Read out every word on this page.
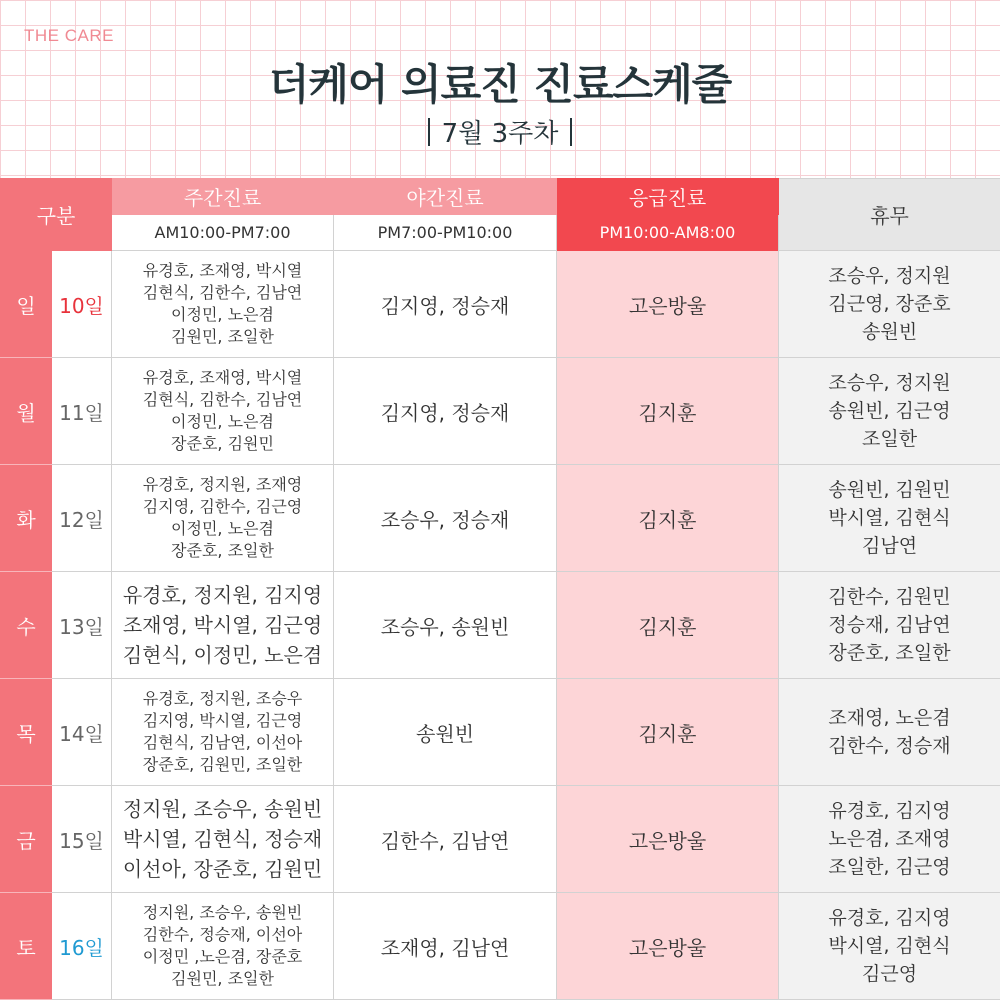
THE CARE
더케어 의료진 진료스케줄
7월 3주차
구분		주간진료	야간진료	응급진료	휴무
		AM10:00-PM7:00	PM7:00-PM10:00	PM10:00-AM8:00	
일	10일	유경호, 조재영, 박시열
김현식, 김한수, 김남연
이정민, 노은겸
김원민, 조일한	김지영, 정승재	고은방울	조승우, 정지원
김근영, 장준호
송원빈

월	11일	유경호, 조재영, 박시열
김현식, 김한수, 김남연
이정민, 노은겸
장준호, 김원민	김지영, 정승재	김지훈	조승우, 정지원
송원빈, 김근영
조일한

화	12일	유경호, 정지원, 조재영
김지영, 김한수, 김근영
이정민, 노은겸
장준호, 조일한	조승우, 정승재	김지훈	송원빈, 김원민
박시열, 김현식
김남연

수	13일	유경호, 정지원, 김지영
조재영, 박시열, 김근영
김현식, 이정민, 노은겸	조승우, 송원빈	김지훈	김한수, 김원민
정승재, 김남연
장준호, 조일한

목	14일	유경호, 정지원, 조승우
김지영, 박시열, 김근영
김현식, 김남연, 이선아
장준호, 김원민, 조일한	송원빈	김지훈	조재영, 노은겸
김한수, 정승재

금	15일	정지원, 조승우, 송원빈
박시열, 김현식, 정승재
이선아, 장준호, 김원민	김한수, 김남연	고은방울	유경호, 김지영
노은겸, 조재영
조일한, 김근영

토	16일	정지원, 조승우, 송원빈
김한수, 정승재, 이선아
이정민 ,노은겸, 장준호
김원민, 조일한	조재영, 김남연	고은방울	유경호, 김지영
박시열, 김현식
김근영
